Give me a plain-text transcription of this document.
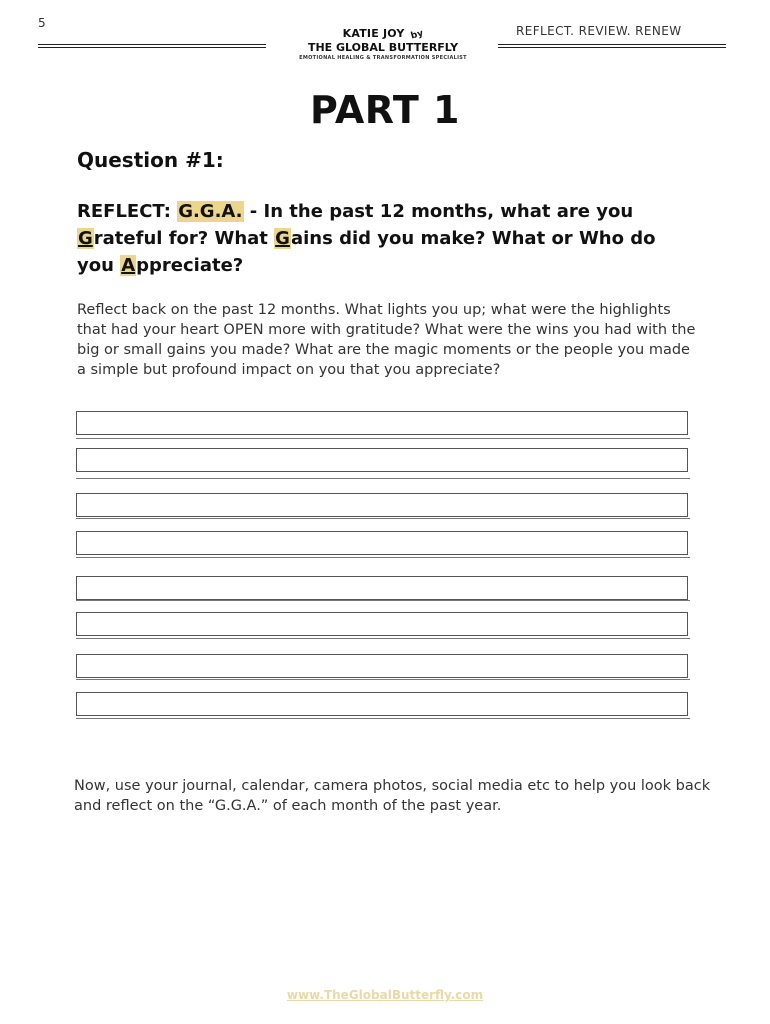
5
KATIE JOY by
THE GLOBAL BUTTERFLY
EMOTIONAL HEALING & TRANSFORMATION SPECIALIST
REFLECT. REVIEW. RENEW
PART 1
Question #1:
REFLECT: G.G.A. - In the past 12 months, what are you Grateful for? What Gains did you make? What or Who do you Appreciate?
Reflect back on the past 12 months. What lights you up; what were the highlights that had your heart OPEN more with gratitude? What were the wins you had with the big or small gains you made? What are the magic moments or the people you made a simple but profound impact on you that you appreciate?
Now, use your journal, calendar, camera photos, social media etc to help you look back and reflect on the “G.G.A.” of each month of the past year.
www.TheGlobalButterfly.com
